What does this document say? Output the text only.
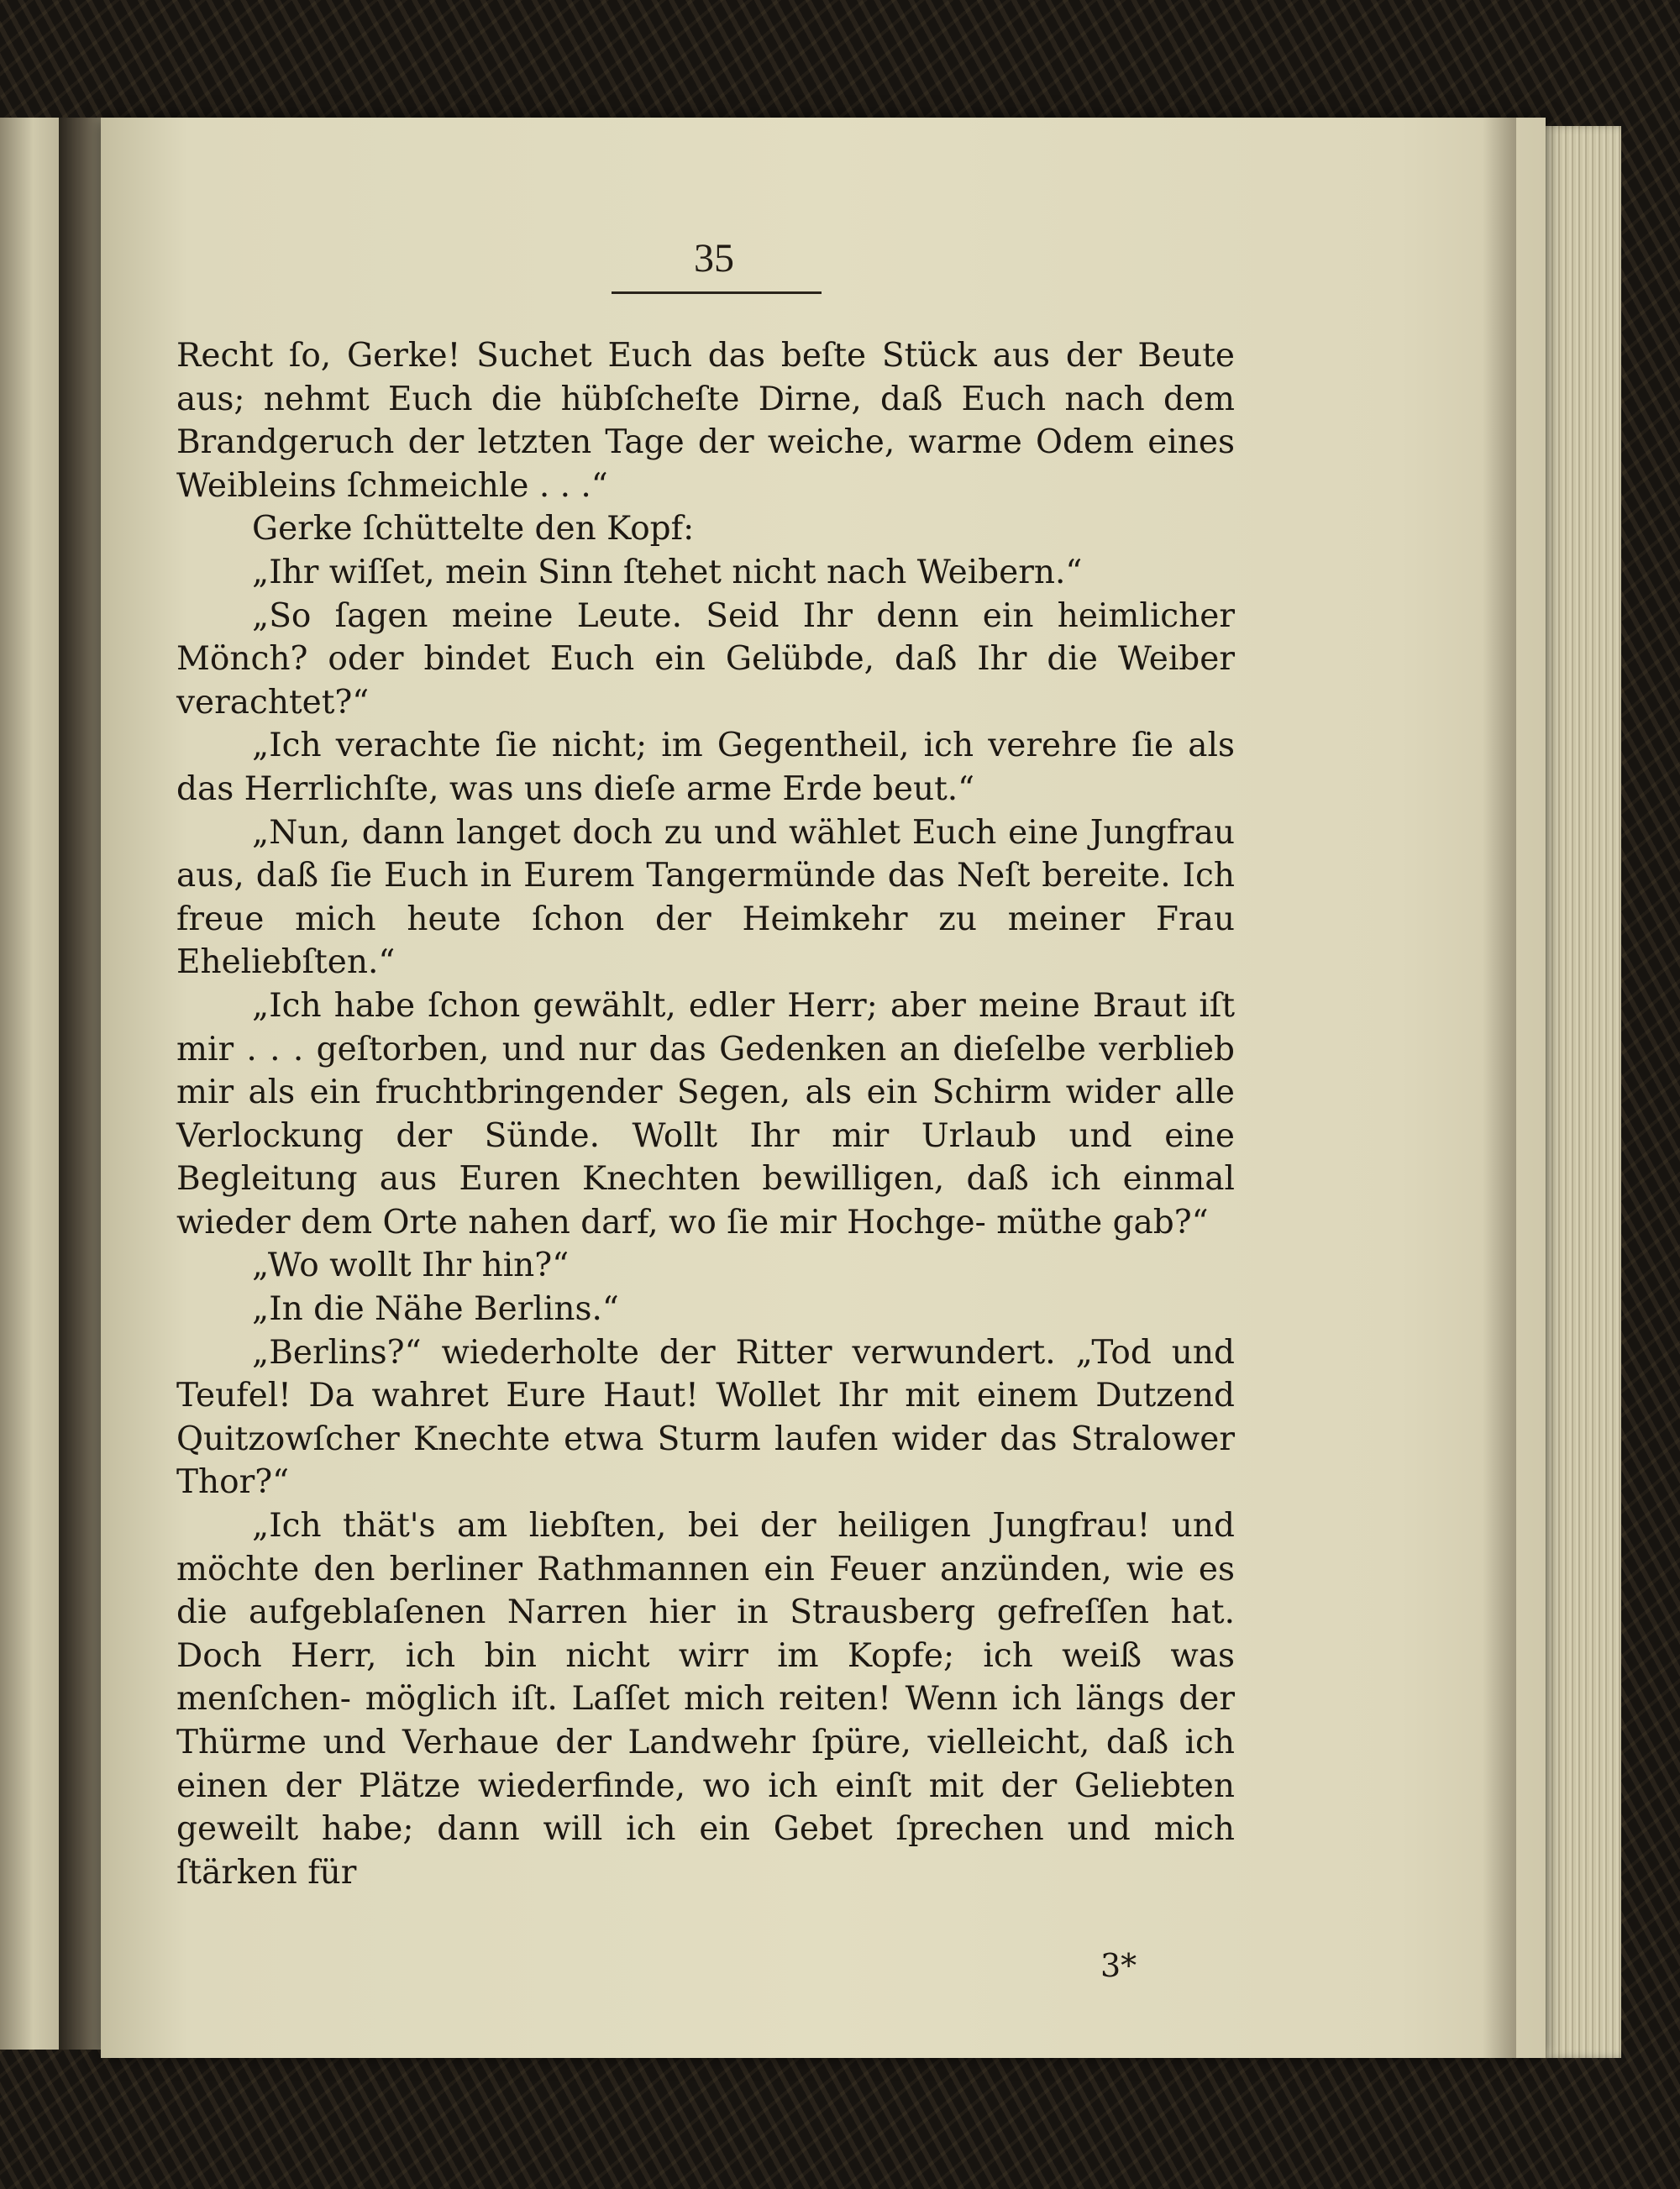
35

Recht ſo, Gerke! Suchet Euch das beſte Stück aus der Beute aus; nehmt Euch die hübſcheſte Dirne, daß Euch nach dem Brandgeruch der letzten Tage der weiche, warme Odem eines Weibleins ſchmeichle . . .“

Gerke ſchüttelte den Kopf:

„Ihr wiſſet, mein Sinn ſtehet nicht nach Weibern.“

„So ſagen meine Leute. Seid Ihr denn ein heimlicher Mönch? oder bindet Euch ein Gelübde, daß Ihr die Weiber verachtet?“

„Ich verachte ſie nicht; im Gegentheil, ich verehre ſie als das Herrlichſte, was uns dieſe arme Erde beut.“

„Nun, dann langet doch zu und wählet Euch eine Jungfrau aus, daß ſie Euch in Eurem Tangermünde das Neſt bereite. Ich freue mich heute ſchon der Heimkehr zu meiner Frau Eheliebſten.“

„Ich habe ſchon gewählt, edler Herr; aber meine Braut iſt mir . . . geſtorben, und nur das Gedenken an dieſelbe verblieb mir als ein fruchtbringender Segen, als ein Schirm wider alle Verlockung der Sünde. Wollt Ihr mir Urlaub und eine Begleitung aus Euren Knechten bewilligen, daß ich einmal wieder dem Orte nahen darf, wo ſie mir Hochge- müthe gab?“

„Wo wollt Ihr hin?“

„In die Nähe Berlins.“

„Berlins?“ wiederholte der Ritter verwundert. „Tod und Teufel! Da wahret Eure Haut! Wollet Ihr mit einem Dutzend Quitzowſcher Knechte etwa Sturm laufen wider das Stralower Thor?“

„Ich thät's am liebſten, bei der heiligen Jungfrau! und möchte den berliner Rathmannen ein Feuer anzünden, wie es die aufgeblaſenen Narren hier in Strausberg gefreſſen hat. Doch Herr, ich bin nicht wirr im Kopfe; ich weiß was menſchen- möglich iſt. Laſſet mich reiten! Wenn ich längs der Thürme und Verhaue der Landwehr ſpüre, vielleicht, daß ich einen der Plätze wiederfinde, wo ich einſt mit der Geliebten geweilt habe; dann will ich ein Gebet ſprechen und mich ſtärken für

3*
